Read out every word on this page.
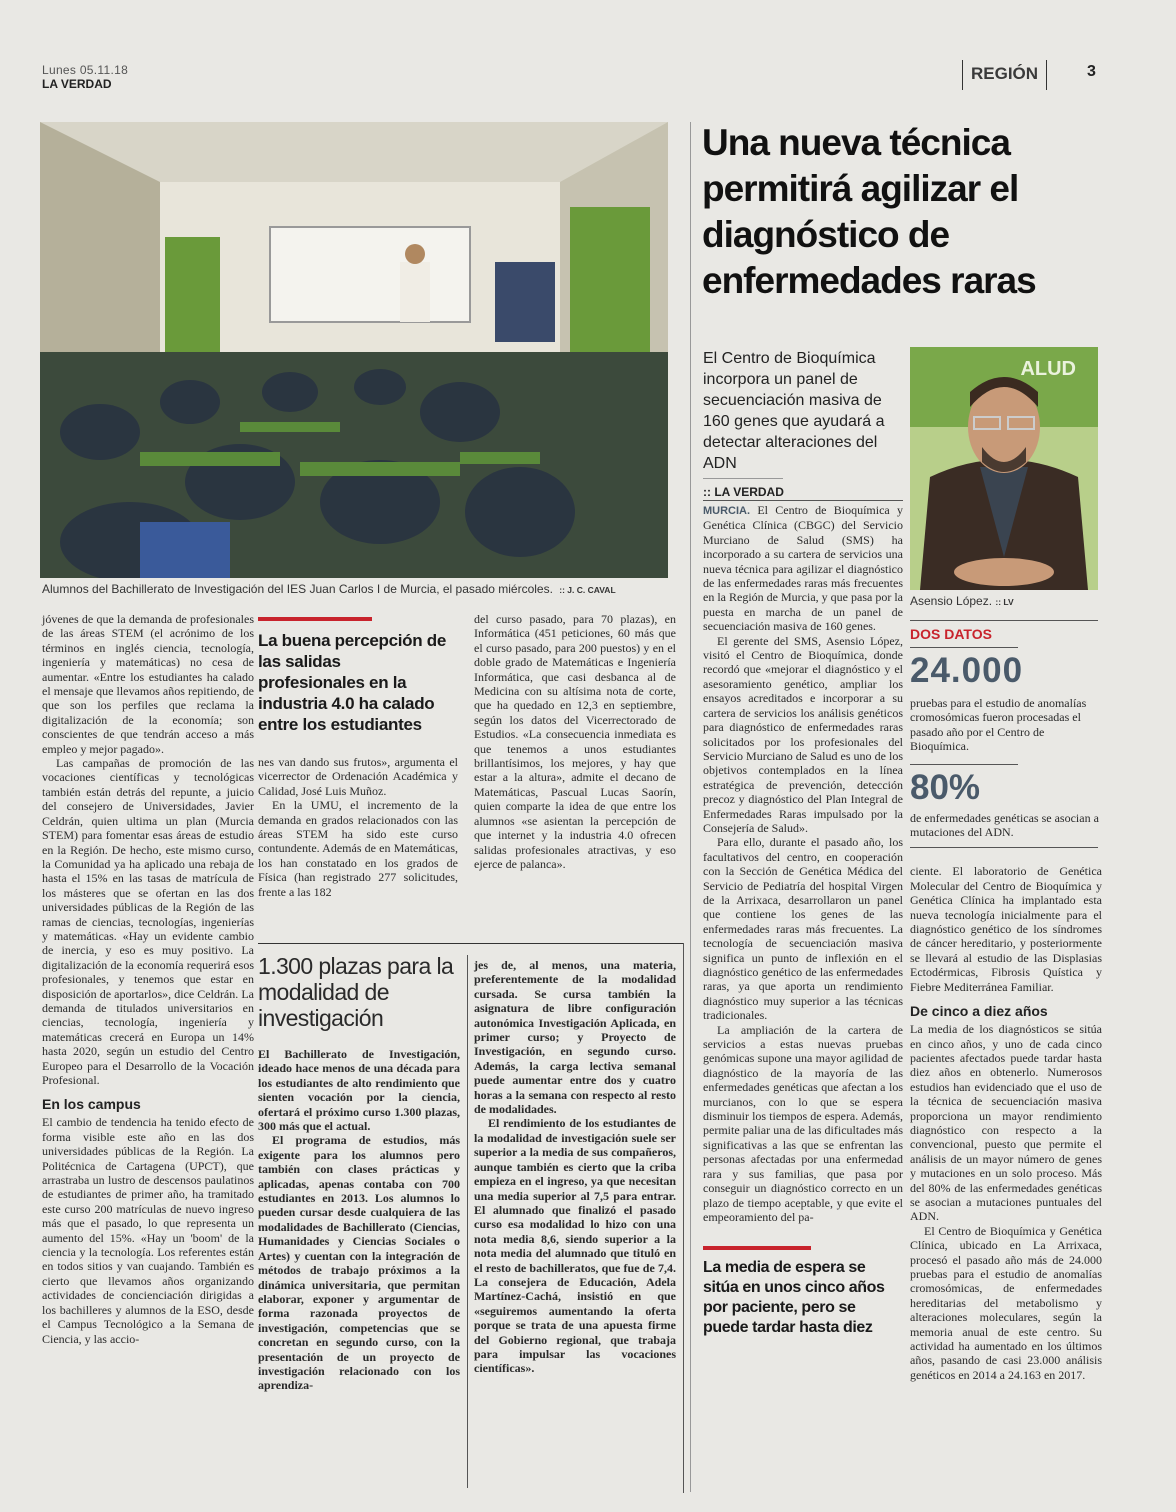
Lunes 05.11.18
LA VERDAD
REGIÓN	3
Alumnos del Bachillerato de Investigación del IES Juan Carlos I de Murcia, el pasado miércoles. :: J. C. CAVAL

jóvenes de que la demanda de profesionales de las áreas STEM (el acrónimo de los términos en inglés ciencia, tecnología, ingeniería y matemáticas) no cesa de aumentar. «Entre los estudiantes ha calado el mensaje que llevamos años repitiendo, de que son los perfiles que reclama la digitalización de la economía; son conscientes de que tendrán acceso a más empleo y mejor pagado».

Las campañas de promoción de las vocaciones científicas y tecnológicas también están detrás del repunte, a juicio del consejero de Universidades, Javier Celdrán, quien ultima un plan (Murcia STEM) para fomentar esas áreas de estudio en la Región. De hecho, este mismo curso, la Comunidad ya ha aplicado una rebaja de hasta el 15% en las tasas de matrícula de los másteres que se ofertan en las dos universidades públicas de la Región de las ramas de ciencias, tecnologías, ingenierías y matemáticas. «Hay un evidente cambio de inercia, y eso es muy positivo. La digitalización de la economía requerirá esos profesionales, y tenemos que estar en disposición de aportarlos», dice Celdrán. La demanda de titulados universitarios en ciencias, tecnología, ingeniería y matemáticas crecerá en Europa un 14% hasta 2020, según un estudio del Centro Europeo para el Desarrollo de la Vocación Profesional.

En los campus

El cambio de tendencia ha tenido efecto de forma visible este año en las dos universidades públicas de la Región. La Politécnica de Cartagena (UPCT), que arrastraba un lustro de descensos paulatinos de estudiantes de primer año, ha tramitado este curso 200 matrículas de nuevo ingreso más que el pasado, lo que representa un aumento del 15%. «Hay un 'boom' de la ciencia y la tecnología. Los referentes están en todos sitios y van cuajando. También es cierto que llevamos años organizando actividades de concienciación dirigidas a los bachilleres y alumnos de la ESO, desde el Campus Tecnológico a la Semana de Ciencia, y las accio-

La buena percepción de las salidas profesionales en la industria 4.0 ha calado entre los estudiantes

nes van dando sus frutos», argumenta el vicerrector de Ordenación Académica y Calidad, José Luis Muñoz.

En la UMU, el incremento de la demanda en grados relacionados con las áreas STEM ha sido este curso contundente. Además de en Matemáticas, los han constatado en los grados de Física (han registrado 277 solicitudes, frente a las 182

del curso pasado, para 70 plazas), en Informática (451 peticiones, 60 más que el curso pasado, para 200 puestos) y en el doble grado de Matemáticas e Ingeniería Informática, que casi desbanca al de Medicina con su altísima nota de corte, que ha quedado en 12,3 en septiembre, según los datos del Vicerrectorado de Estudios. «La consecuencia inmediata es que tenemos a unos estudiantes brillantísimos, los mejores, y hay que estar a la altura», admite el decano de Matemáticas, Pascual Lucas Saorín, quien comparte la idea de que entre los alumnos «se asientan la percepción de que internet y la industria 4.0 ofrecen salidas profesionales atractivas, y eso ejerce de palanca».

1.300 plazas para la modalidad de investigación

El Bachillerato de Investigación, ideado hace menos de una década para los estudiantes de alto rendimiento que sienten vocación por la ciencia, ofertará el próximo curso 1.300 plazas, 300 más que el actual.

El programa de estudios, más exigente para los alumnos pero también con clases prácticas y aplicadas, apenas contaba con 700 estudiantes en 2013. Los alumnos lo pueden cursar desde cualquiera de las modalidades de Bachillerato (Ciencias, Humanidades y Ciencias Sociales o Artes) y cuentan con la integración de métodos de trabajo próximos a la dinámica universitaria, que permitan elaborar, exponer y argumentar de forma razonada proyectos de investigación, competencias que se concretan en segundo curso, con la presentación de un proyecto de investigación relacionado con los aprendiza-

jes de, al menos, una materia, preferentemente de la modalidad cursada. Se cursa también la asignatura de libre configuración autonómica Investigación Aplicada, en primer curso; y Proyecto de Investigación, en segundo curso. Además, la carga lectiva semanal puede aumentar entre dos y cuatro horas a la semana con respecto al resto de modalidades.

El rendimiento de los estudiantes de la modalidad de investigación suele ser superior a la media de sus compañeros, aunque también es cierto que la criba empieza en el ingreso, ya que necesitan una media superior al 7,5 para entrar. El alumnado que finalizó el pasado curso esa modalidad lo hizo con una nota media 8,6, siendo superior a la nota media del alumnado que tituló en el resto de bachilleratos, que fue de 7,4. La consejera de Educación, Adela Martínez-Cachá, insistió en que «seguiremos aumentando la oferta porque se trata de una apuesta firme del Gobierno regional, que trabaja para impulsar las vocaciones científicas».

Una nueva técnica permitirá agilizar el diagnóstico de enfermedades raras
El Centro de Bioquímica incorpora un panel de secuenciación masiva de 160 genes que ayudará a detectar alteraciones del ADN
:: LA VERDAD

MURCIA. El Centro de Bioquímica y Genética Clínica (CBGC) del Servicio Murciano de Salud (SMS) ha incorporado a su cartera de servicios una nueva técnica para agilizar el diagnóstico de las enfermedades raras más frecuentes en la Región de Murcia, y que pasa por la puesta en marcha de un panel de secuenciación masiva de 160 genes.

El gerente del SMS, Asensio López, visitó el Centro de Bioquímica, donde recordó que «mejorar el diagnóstico y el asesoramiento genético, ampliar los ensayos acreditados e incorporar a su cartera de servicios los análisis genéticos para diagnóstico de enfermedades raras solicitados por los profesionales del Servicio Murciano de Salud es uno de los objetivos contemplados en la línea estratégica de prevención, detección precoz y diagnóstico del Plan Integral de Enfermedades Raras impulsado por la Consejería de Salud».

Para ello, durante el pasado año, los facultativos del centro, en cooperación con la Sección de Genética Médica del Servicio de Pediatría del hospital Virgen de la Arrixaca, desarrollaron un panel que contiene los genes de las enfermedades raras más frecuentes. La tecnología de secuenciación masiva significa un punto de inflexión en el diagnóstico genético de las enfermedades raras, ya que aporta un rendimiento diagnóstico muy superior a las técnicas tradicionales.

La ampliación de la cartera de servicios a estas nuevas pruebas genómicas supone una mayor agilidad de diagnóstico de la mayoría de las enfermedades genéticas que afectan a los murcianos, con lo que se espera disminuir los tiempos de espera. Además, permite paliar una de las dificultades más significativas a las que se enfrentan las personas afectadas por una enfermedad rara y sus familias, que pasa por conseguir un diagnóstico correcto en un plazo de tiempo aceptable, y que evite el empeoramiento del pa-

La media de espera se sitúa en unos cinco años por paciente, pero se puede tardar hasta diez
ALUD
Asensio López. :: LV
DOS DATOS
24.000
pruebas para el estudio de anomalías cromosómicas fueron procesadas el pasado año por el Centro de Bioquímica.
80%
de enfermedades genéticas se asocian a mutaciones del ADN.

ciente. El laboratorio de Genética Molecular del Centro de Bioquímica y Genética Clínica ha implantado esta nueva tecnología inicialmente para el diagnóstico genético de los síndromes de cáncer hereditario, y posteriormente se llevará al estudio de las Displasias Ectodérmicas, Fibrosis Quística y Fiebre Mediterránea Familiar.

De cinco a diez años

La media de los diagnósticos se sitúa en cinco años, y uno de cada cinco pacientes afectados puede tardar hasta diez años en obtenerlo. Numerosos estudios han evidenciado que el uso de la técnica de secuenciación masiva proporciona un mayor rendimiento diagnóstico con respecto a la convencional, puesto que permite el análisis de un mayor número de genes y mutaciones en un solo proceso. Más del 80% de las enfermedades genéticas se asocian a mutaciones puntuales del ADN.

El Centro de Bioquímica y Genética Clínica, ubicado en La Arrixaca, procesó el pasado año más de 24.000 pruebas para el estudio de anomalías cromosómicas, de enfermedades hereditarias del metabolismo y alteraciones moleculares, según la memoria anual de este centro. Su actividad ha aumentado en los últimos años, pasando de casi 23.000 análisis genéticos en 2014 a 24.163 en 2017.
